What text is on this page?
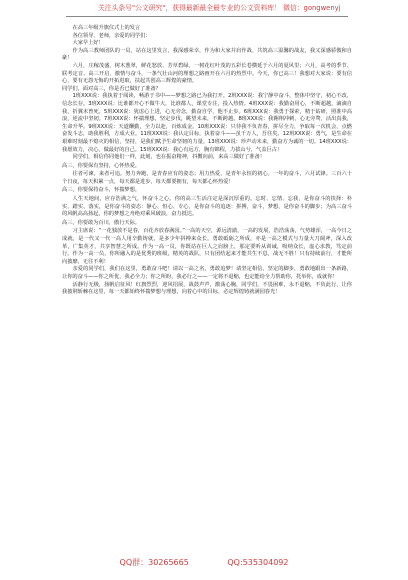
关注头条号"公文研究"，获得最新最全最专业的公文资料库！ 微信：gongwenyj

在高三年级升旗仪式上的发言

各位领导、老师，亲爱的同学们：

大家早上好！

作为高三教师团队的一员，站在这里发言，我深感荣幸，作为和大家并肩作战、共筑高三温馨的战友，我又深感骄傲和自豪！

六月，庄稼茂盛、树木葱翠，鲜花怒放、芳草碧绿，一树花红叶茂的五彩长卷横延于六月的夏风里；六月，高考的季节、联考定音、高三开启、激情与奋斗，一条气壮山河的理想之路画开在六月的热烈中。今天，你已高三！我想对大家说：要有信心，要有无怨无悔的开拓进取，扶起共创高三辉煌的豪情。

同学们，面对高三，你是否已做好了准备？

1班XXX说：我执着于阅读，畅游于书中——梦想之路已为我打开。2班XXX说：我宁静中奋斗，整体中坚守，初心不改，信念长存。3班XXX说：比谁都开心不做牛大，比谁都人，课堂专注，投入热情。4班XXX说：我勤奋用心，不断超越，滴滴自我，折翼未曾死。5班XXX说：犹虑心上进，心无旁念，勤奋自学，他不止步。6班XXX说：我勇于探索，精于钻研，照准中高浪，逆流中坚韧。7班XXX说：怀揣理想，坚定步伐，眺望未来，不断跨越。8班XXX说：我翱翔冲刺，心无旁骛，活出真我，生命升华。9班XXX说：天道酬勤，全力以赴，百炼成金。10班XXX说：只待我不负青春，拼尽全力，争取每一次机会，点燃奋发斗志，助我胜利，方成大业。11班XXX说：我认定目标，执着奋斗——虽千万人，吾往矣。12班XXX说：勇气，是生命在艰难时刻最不熄灭的相信，坚持，是我们赋予生命坚韧的力量。13班XXX说：珍声动未来，勤奋方为诚的一切。14班XXX说：我愿效力，决心，做最好的自己。15班XXX说：我心有远方，胸有锦程，力拔山兮，气盖巨古！

同学们，相信你同他们一样，此刻，也在振奋精神，抖擞向前，来高三做好了准备！

高三，你要保有坚持，心怀热爱。

往者可谏，来者可追。努力奔跑，是青春应有的姿态；用力热爱，是青年永恒的初心。一年的奋斗，六月试锋。三百六十个日夜，每天积累一点，每天都是进步，每天都要拥有，每天都心怀热爱！

高三，你要保持奋斗，怀揣梦想。

人生天地间，应存浩满之气，怀奋斗之心。你的高三生活注定是深沉厚重的。忘时、忘情、忘我，是你奋斗的抉择：朴实、踏实、落实，是你奋斗的姿态：静心、恒心、专心，是你奋斗的追逐：拼搏，奋斗，梦想，是你奋斗的脚步；为高三奋斗的风帆高高扬起，你的梦想之舟绝对乘风破浪，奋力抵达。

高三，你要敢为百川，傲行天际。

习主席说：“一花独放不是春，百花齐放春满园。”一高的天空，源远清澈，一高的发展，浩浩荡荡，气势雄浑，一高今日之成就，是一代又一代一高人用辛勤铸就，是多少年拼搏来众长，勇敢砥砺之所成，亦是一高之模式与力量大刀阔斧，深入改革，广集英才，共享智慧之所成。作为一高一员，你既站在巨人之肩膀上，那定要听从训诫，吸纳众长，虚心求教，笃定前行。作为一高一员，你所融入的是优秀的班级，精英的战队，只有团结起来才能共生不息，战无不胜！只有持续前行，才能所向披靡，无往不利！

亲爱的同学们，我们在这里，勇敢奋斗吧！请以一高之名，勇敢追梦！请坚定相信，坚定的脚步，勇敢地跟出一条新路，让你的奋斗——你之所优，我必全力；你之所盼，我必行之——一定将不退缩，也定能给全力帮助你，托举你，成就你！

活静行无极，扬帆启征风！红旗烈烈，迎风招展，战鼓声声，激荡心胸，同学们，不畏困难，永不退缩，不负此行，让你我披荆斩棘在这里，每一天都始终怀揣梦想与理想，向着心中的目标，必定辉煌铸就满园春光！

QQ群：30265665	QQ:535304092
